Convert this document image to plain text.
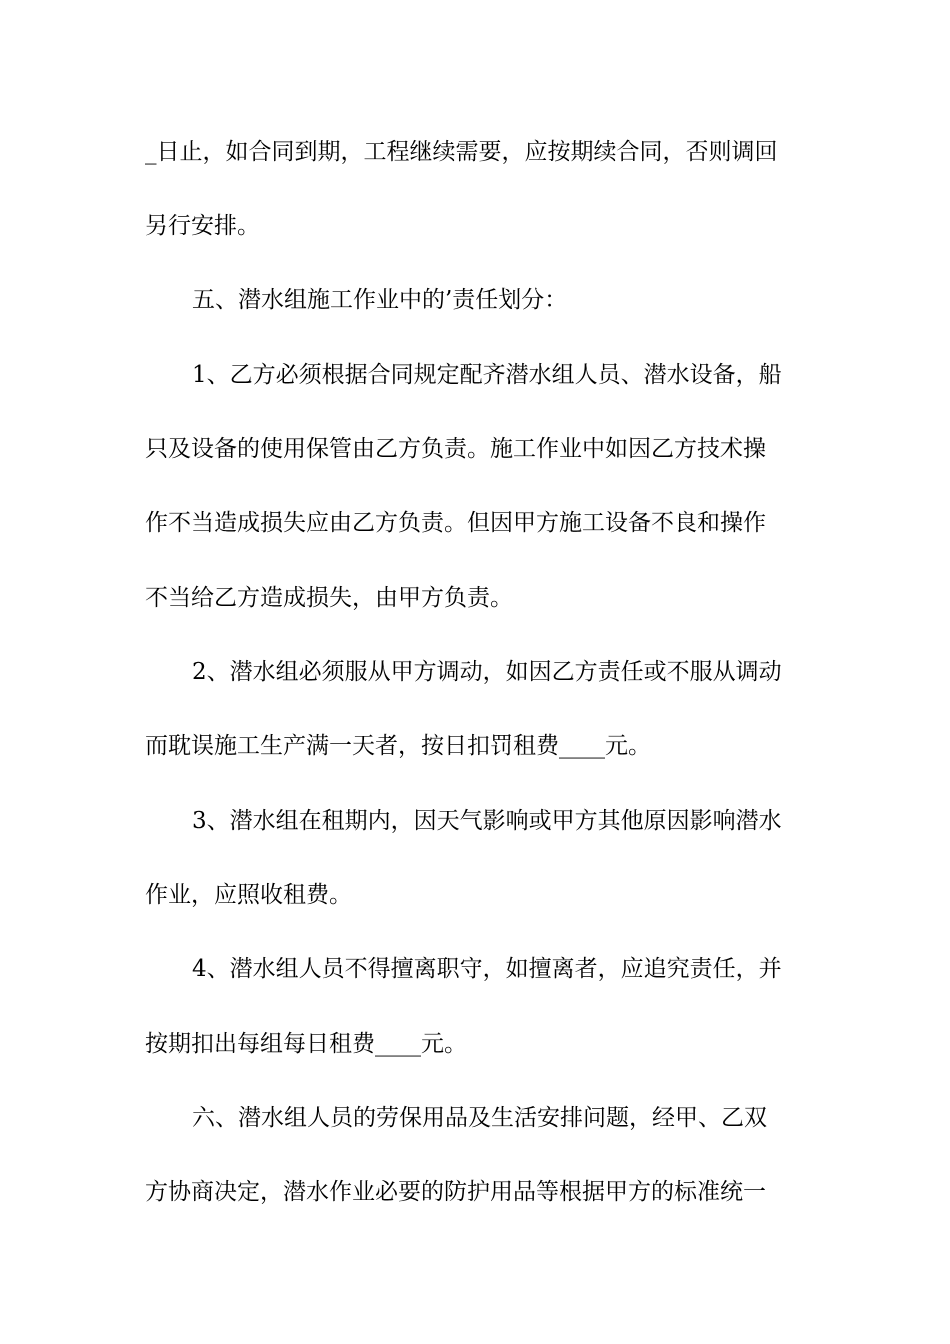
_日止，如合同到期，工程继续需要，应按期续合同，否则调回
另行安排。
五、潜水组施工作业中的’责任划分：
1、乙方必须根据合同规定配齐潜水组人员、潜水设备，船
只及设备的使用保管由乙方负责。施工作业中如因乙方技术操
作不当造成损失应由乙方负责。但因甲方施工设备不良和操作
不当给乙方造成损失，由甲方负责。
2、潜水组必须服从甲方调动，如因乙方责任或不服从调动
而耽误施工生产满一天者，按日扣罚租费____元。
3、潜水组在租期内，因天气影响或甲方其他原因影响潜水
作业，应照收租费。
4、潜水组人员不得擅离职守，如擅离者，应追究责任，并
按期扣出每组每日租费____元。
六、潜水组人员的劳保用品及生活安排问题，经甲、乙双
方协商决定，潜水作业必要的防护用品等根据甲方的标准统一
